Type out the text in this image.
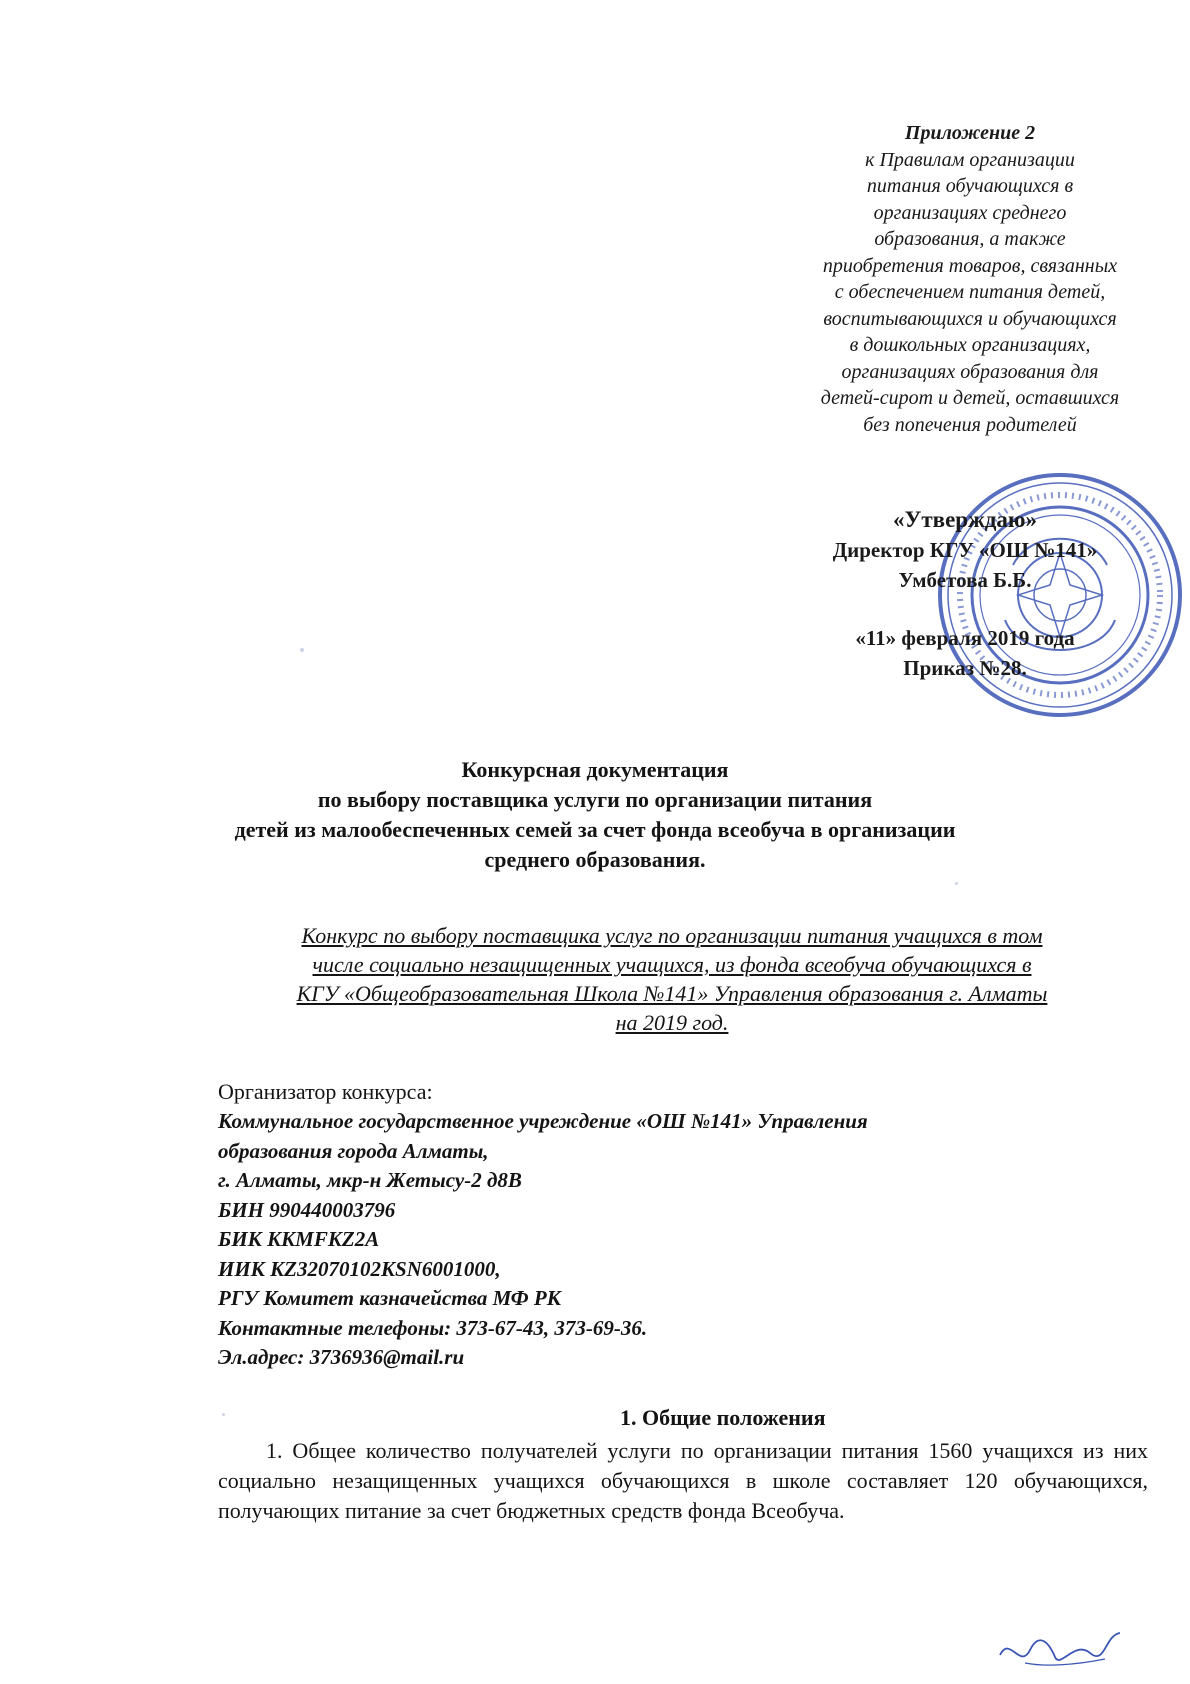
Приложение 2
к Правилам организации
питания обучающихся в
организациях среднего
образования, а также
приобретения товаров, связанных
с обеспечением питания детей,
воспитывающихся и обучающихся
в дошкольных организациях,
организациях образования для
детей-сирот и детей, оставшихся
без попечения родителей
«Утверждаю»
Директор КГУ «ОШ №141»
Умбетова Б.Б.
«11» февраля 2019 года
Приказ №28.
Конкурсная документация
по выбору поставщика услуги по организации питания
детей из малообеспеченных семей за счет фонда всеобуча в организации
среднего образования.
Конкурс по выбору поставщика услуг по организации питания учащихся в том
числе социально незащищенных учащихся, из фонда всеобуча обучающихся в
КГУ «Общеобразовательная Школа №141» Управления образования г. Алматы
на 2019 год.
Организатор конкурса:
Коммунальное государственное учреждение «ОШ №141» Управления
образования города Алматы,
г. Алматы, мкр-н Жетысу-2 д8В
БИН 990440003796
БИК KKMFKZ2A
ИИК KZ32070102KSN6001000,
РГУ Комитет казначейства МФ РК
Контактные телефоны: 373-67-43, 373-69-36.
Эл.адрес: 3736936@mail.ru
1. Общие положения
1. Общее количество получателей услуги по организации питания 1560 учащихся из них социально незащищенных учащихся обучающихся в школе составляет 120 обучающихся, получающих питание за счет бюджетных средств фонда Всеобуча.
